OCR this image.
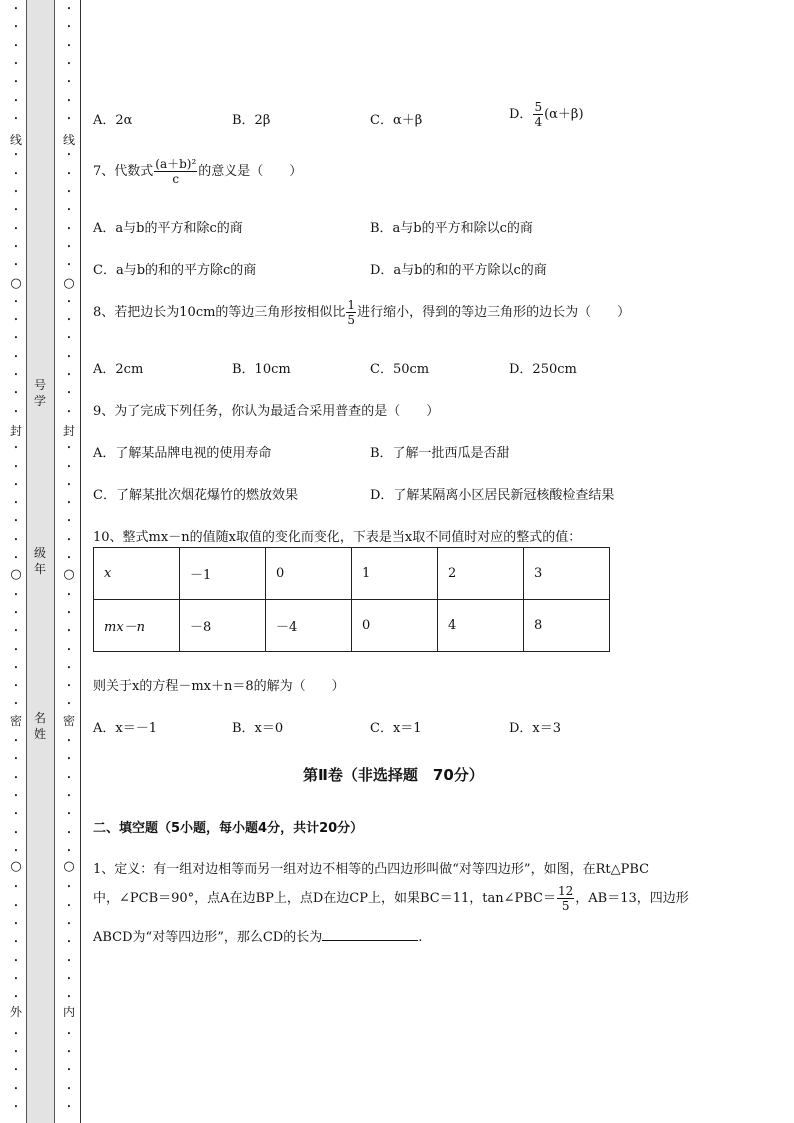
•
•
•
•
•
•
•
•
•
•
•
•
•
•
•
•
•
•
•
•
•
•
•
•
•
•
•
•
•
•
•
•
•
•
•
•
•
•
•
•
•
•
•
•
•
•
•
•
•
•
•
•
•
•
线
○
封
○
密
○
外
•
•
•
•
•
•
•
•
•
•
•
•
•
•
•
•
•
•
•
•
•
•
•
•
•
•
•
•
•
•
•
•
•
•
•
•
•
•
•
•
•
•
•
•
•
•
•
•
•
•
•
•
•
•
线
○
封
○
密
○
内
号
学
级
年
名
姓
A．2α	B．2β	C．α＋β	D． $\frac{5}{4} (\alpha+\beta)$
7、代数式 $\frac{\text{(a＋b)²}}{c}$ 的意义是（　　）
A．a与b的平方和除c的商	B．a与b的平方和除以c的商
C．a与b的和的平方除c的商	D．a与b的和的平方除以c的商
8、若把边长为10cm的等边三角形按相似比 $\frac{1}{5}$ 进行缩小，得到的等边三角形的边长为（　　）
A．2cm	B．10cm	C．50cm	D．250cm
9、为了完成下列任务，你认为最适合采用普查的是（　　）
A．了解某品牌电视的使用寿命	B．了解一批西瓜是否甜
C．了解某批次烟花爆竹的燃放效果	D．了解某隔离小区居民新冠核酸检查结果
10、整式mx－n的值随x取值的变化而变化，下表是当x取不同值时对应的整式的值：
x	－1	0	1	2	3
mx－n	－8	－4	0	4	8
则关于x的方程－mx＋n＝8的解为（　　）
A．x＝－1	B．x＝0	C．x＝1	D．x＝3
第Ⅱ卷（非选择题　70分）
二、填空题（5小题，每小题4分，共计20分）
1、定义：有一组对边相等而另一组对边不相等的凸四边形叫做“对等四边形”，如图，在Rt△PBC
中，∠PCB＝90°，点A在边BP上，点D在边CP上，如果BC＝11，tan∠PBC＝ $\frac{12}{5}$ ，AB＝13，四边形
ABCD为“对等四边形”，那么CD的长为	.
